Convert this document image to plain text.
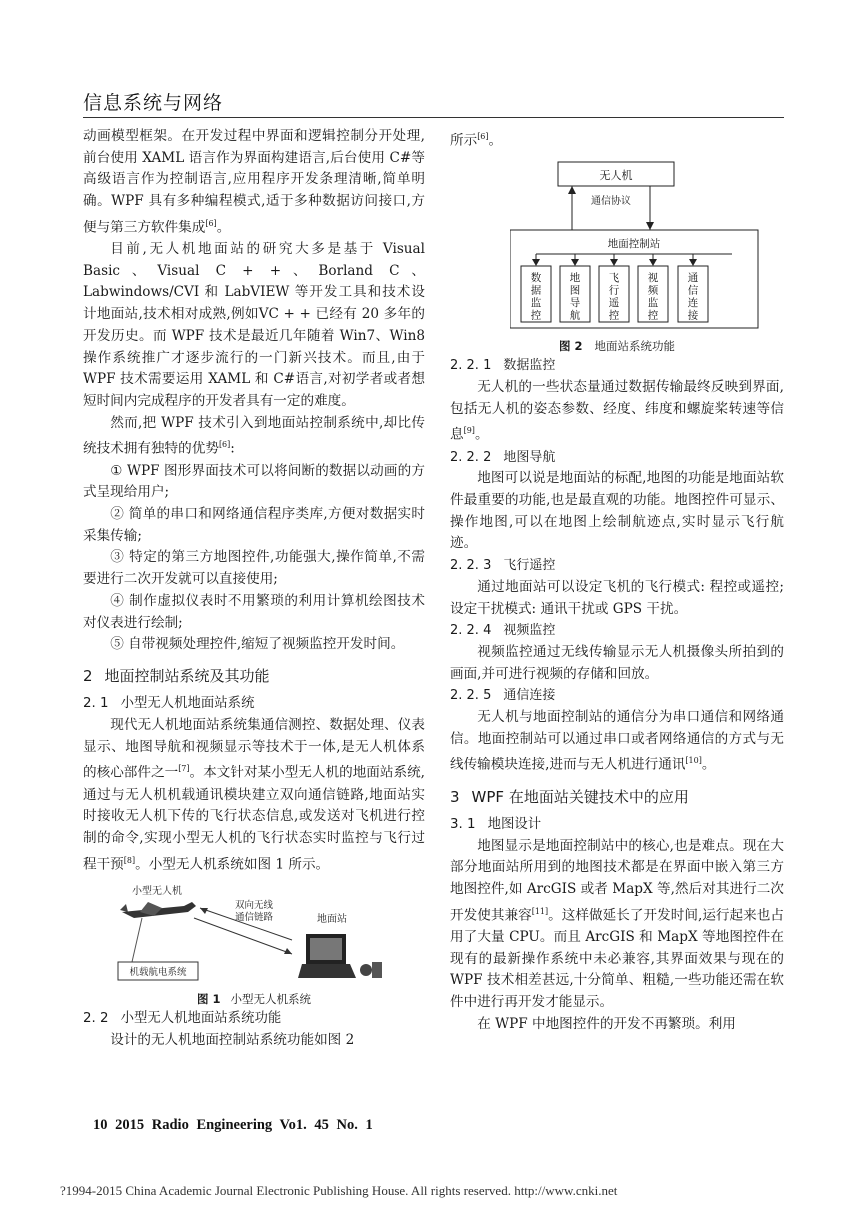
信息系统与网络

动画模型框架。在开发过程中界面和逻辑控制分开处理,前台使用 XAML 语言作为界面构建语言,后台使用 C#等高级语言作为控制语言,应用程序开发条理清晰,简单明确。WPF 具有多种编程模式,适于多种数据访问接口,方便与第三方软件集成[6]。

目前,无人机地面站的研究大多是基于 Visual Basic、Visual C + +、Borland C、Labwindows/CVI 和 LabVIEW 等开发工具和技术设计地面站,技术相对成熟,例如VC + + 已经有 20 多年的开发历史。而 WPF 技术是最近几年随着 Win7、Win8 操作系统推广才逐步流行的一门新兴技术。而且,由于 WPF 技术需要运用 XAML 和 C#语言,对初学者或者想短时间内完成程序的开发者具有一定的难度。

然而,把 WPF 技术引入到地面站控制系统中,却比传统技术拥有独特的优势[6]:

① WPF 图形界面技术可以将间断的数据以动画的方式呈现给用户;

② 简单的串口和网络通信程序类库,方便对数据实时采集传输;

③ 特定的第三方地图控件,功能强大,操作简单,不需要进行二次开发就可以直接使用;

④ 制作虚拟仪表时不用繁琐的利用计算机绘图技术对仪表进行绘制;

⑤ 自带视频处理控件,缩短了视频监控开发时间。

2 地面控制站系统及其功能
2. 1 小型无人机地面站系统

现代无人机地面站系统集通信测控、数据处理、仪表显示、地图导航和视频显示等技术于一体,是无人机体系的核心部件之一[7]。本文针对某小型无人机的地面站系统,通过与无人机机载通讯模块建立双向通信链路,地面站实时接收无人机下传的飞行状态信息,或发送对飞机进行控制的命令,实现小型无人机的飞行状态实时监控与飞行过程干预[8]。小型无人机系统如图 1 所示。

小型无人机
机载航电系统
双向无线
通信链路	地面站

图 1 小型无人机系统

2. 2 小型无人机地面站系统功能

设计的无人机地面控制站系统功能如图 2

所示[6]。

无人机
通信协议
地面控制站
数据监控
地图导航
飞行遥控
视频监控
通信连接

图 2 地面站系统功能

2. 2. 1 数据监控

无人机的一些状态量通过数据传输最终反映到界面,包括无人机的姿态参数、经度、纬度和螺旋桨转速等信息[9]。

2. 2. 2 地图导航

地图可以说是地面站的标配,地图的功能是地面站软件最重要的功能,也是最直观的功能。地图控件可显示、操作地图,可以在地图上绘制航迹点,实时显示飞行航迹。

2. 2. 3 飞行遥控

通过地面站可以设定飞机的飞行模式: 程控或遥控; 设定干扰模式: 通讯干扰或 GPS 干扰。

2. 2. 4 视频监控

视频监控通过无线传输显示无人机摄像头所拍到的画面,并可进行视频的存储和回放。

2. 2. 5 通信连接

无人机与地面控制站的通信分为串口通信和网络通信。地面控制站可以通过串口或者网络通信的方式与无线传输模块连接,进而与无人机进行通讯[10]。

3 WPF 在地面站关键技术中的应用
3. 1 地图设计

地图显示是地面控制站中的核心,也是难点。现在大部分地面站所用到的地图技术都是在界面中嵌入第三方地图控件,如 ArcGIS 或者 MapX 等,然后对其进行二次开发使其兼容[11]。这样做延长了开发时间,运行起来也占用了大量 CPU。而且 ArcGIS 和 MapX 等地图控件在现有的最新操作系统中未必兼容,其界面效果与现在的 WPF 技术相差甚远,十分简单、粗糙,一些功能还需在软件中进行再开发才能显示。

在 WPF 中地图控件的开发不再繁琐。利用

10 2015 Radio Engineering Vo1. 45 No. 1
?1994-2015 China Academic Journal Electronic Publishing House. All rights reserved. http://www.cnki.net
